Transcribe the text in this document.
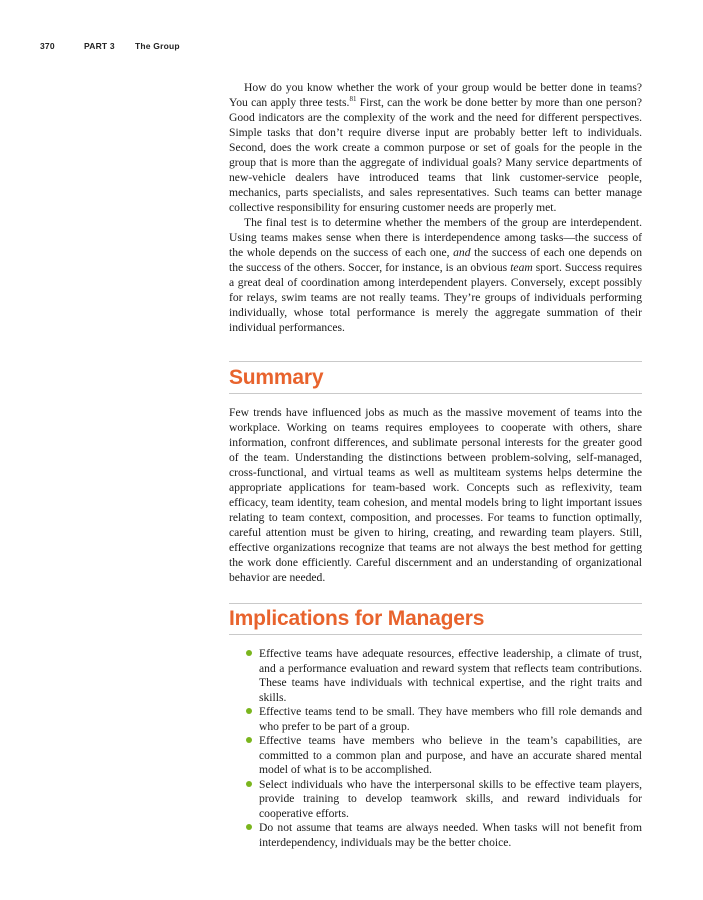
370	PART 3 The Group

How do you know whether the work of your group would be better done in teams? You can apply three tests.$^{81}$ First, can the work be done better by more than one person? Good indicators are the complexity of the work and the need for different perspectives. Simple tasks that don’t require diverse input are probably better left to individuals. Second, does the work create a common purpose or set of goals for the people in the group that is more than the aggregate of individual goals? Many service departments of new-vehicle dealers have introduced teams that link customer-service people, mechanics, parts specialists, and sales representatives. Such teams can better manage collective responsibility for ensuring customer needs are properly met.

The final test is to determine whether the members of the group are interdependent. Using teams makes sense when there is interdependence among tasks—the success of the whole depends on the success of each one, and the success of each one depends on the success of the others. Soccer, for instance, is an obvious team sport. Success requires a great deal of coordination among interdependent players. Conversely, except possibly for relays, swim teams are not really teams. They’re groups of individuals performing individually, whose total performance is merely the aggregate summation of their individual performances.

Summary

Few trends have influenced jobs as much as the massive movement of teams into the workplace. Working on teams requires employees to cooperate with others, share information, confront differences, and sublimate personal interests for the greater good of the team. Understanding the distinctions between problem-solving, self-managed, cross-functional, and virtual teams as well as multiteam systems helps determine the appropriate applications for team-based work. Concepts such as reflexivity, team efficacy, team identity, team cohesion, and mental models bring to light important issues relating to team context, composition, and processes. For teams to function optimally, careful attention must be given to hiring, creating, and rewarding team players. Still, effective organizations recognize that teams are not always the best method for getting the work done efficiently. Careful discernment and an understanding of organizational behavior are needed.

Implications for Managers
Effective teams have adequate resources, effective leadership, a climate of trust, and a performance evaluation and reward system that reflects team contributions. These teams have individuals with technical expertise, and the right traits and skills.
Effective teams tend to be small. They have members who fill role demands and who prefer to be part of a group.
Effective teams have members who believe in the team’s capabilities, are committed to a common plan and purpose, and have an accurate shared mental model of what is to be accomplished.
Select individuals who have the interpersonal skills to be effective team players, provide training to develop teamwork skills, and reward individuals for cooperative efforts.
Do not assume that teams are always needed. When tasks will not benefit from interdependency, individuals may be the better choice.
